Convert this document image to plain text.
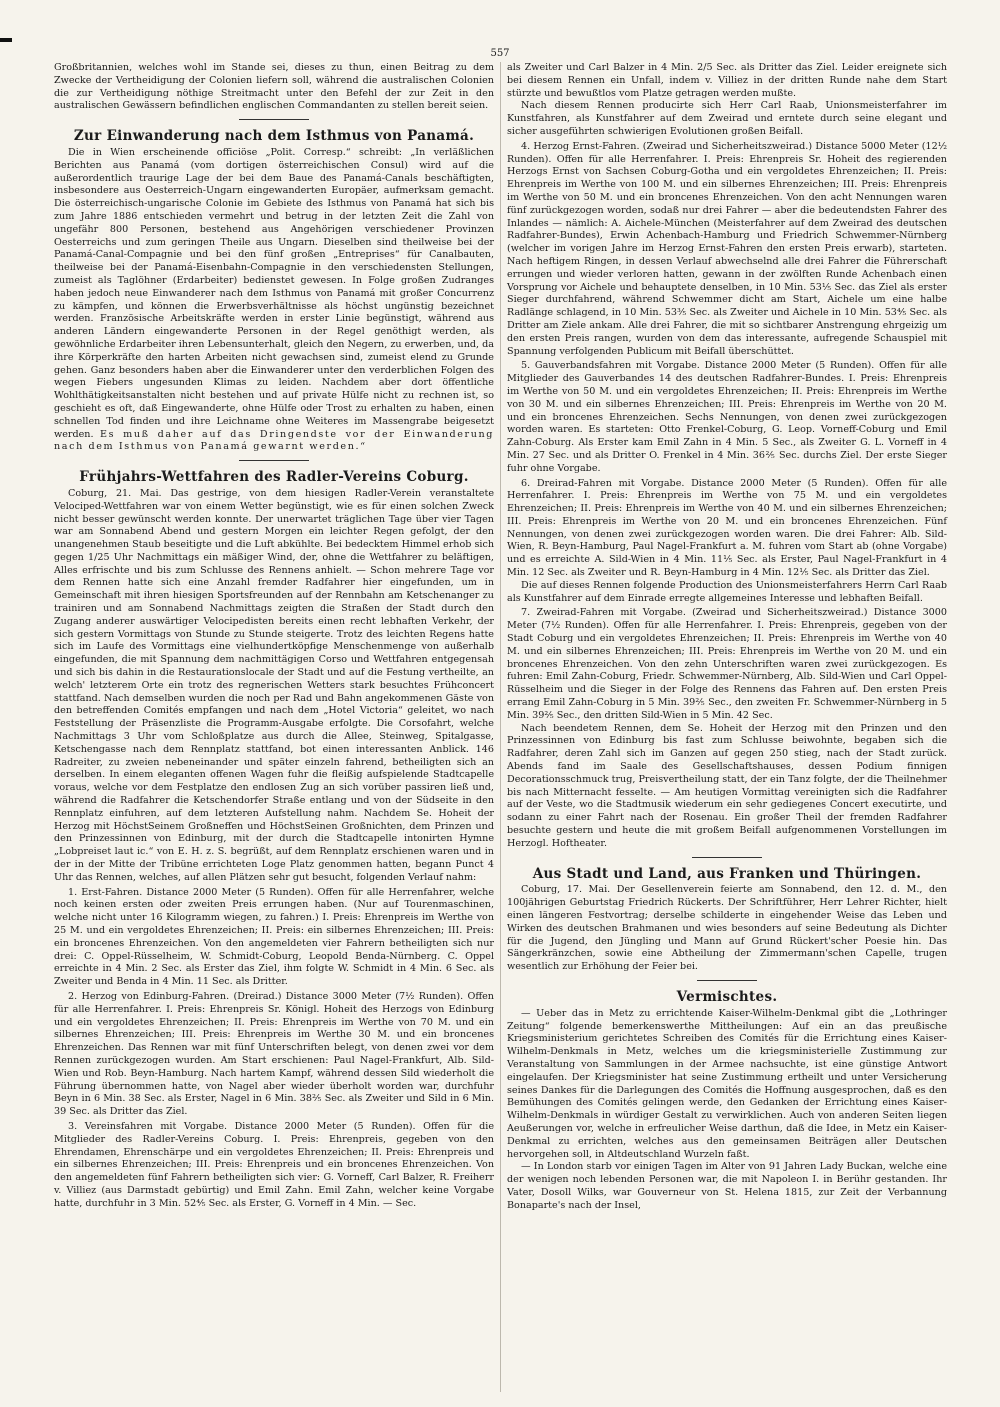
557

Großbritannien, welches wohl im Stande sei, dieses zu thun, einen Beitrag zu dem Zwecke der Vertheidigung der Colonien liefern soll, während die australischen Colonien die zur Vertheidigung nöthige Streitmacht unter den Befehl der zur Zeit in den australischen Gewässern befindlichen englischen Commandanten zu stellen bereit seien.

Zur Einwanderung nach dem Isthmus von Panamá.

Die in Wien erscheinende officiöse „Polit. Corresp.“ schreibt: „In verläßlichen Berichten aus Panamá (vom dortigen österreichischen Consul) wird auf die außerordentlich traurige Lage der bei dem Baue des Panamá-Canals beschäftigten, insbesondere aus Oesterreich-Ungarn eingewanderten Europäer, aufmerksam gemacht. Die österreichisch-ungarische Colonie im Gebiete des Isthmus von Panamá hat sich bis zum Jahre 1886 entschieden vermehrt und betrug in der letzten Zeit die Zahl von ungefähr 800 Personen, bestehend aus Angehörigen verschiedener Provinzen Oesterreichs und zum geringen Theile aus Ungarn. Dieselben sind theilweise bei der Panamá-Canal-Compagnie und bei den fünf großen „Entreprises“ für Canalbauten, theilweise bei der Panamá-Eisenbahn-Compagnie in den verschiedensten Stellungen, zumeist als Taglöhner (Erdarbeiter) bedienstet gewesen. In Folge großen Zudranges haben jedoch neue Einwanderer nach dem Isthmus von Panamá mit großer Concurrenz zu kämpfen, und können die Erwerbsverhältnisse als höchst ungünstig bezeichnet werden. Französische Arbeitskräfte werden in erster Linie begünstigt, während aus anderen Ländern eingewanderte Personen in der Regel genöthigt werden, als gewöhnliche Erdarbeiter ihren Lebensunterhalt, gleich den Negern, zu erwerben, und, da ihre Körperkräfte den harten Arbeiten nicht gewachsen sind, zumeist elend zu Grunde gehen. Ganz besonders haben aber die Einwanderer unter den verderblichen Folgen des wegen Fiebers ungesunden Klimas zu leiden. Nachdem aber dort öffentliche Wohlthätigkeitsanstalten nicht bestehen und auf private Hülfe nicht zu rechnen ist, so geschieht es oft, daß Eingewanderte, ohne Hülfe oder Trost zu erhalten zu haben, einen schnellen Tod finden und ihre Leichname ohne Weiteres im Massengrabe beigesetzt werden. Es muß daher auf das Dringendste vor der Einwanderung nach dem Isthmus von Panamá gewarnt werden.“

Frühjahrs-Wettfahren des Radler-Vereins Coburg.

Coburg, 21. Mai. Das gestrige, von dem hiesigen Radler-Verein veranstaltete Velociped-Wettfahren war von einem Wetter begünstigt, wie es für einen solchen Zweck nicht besser gewünscht werden konnte. Der unerwartet träglichen Tage über vier Tagen war am Sonnabend Abend und gestern Morgen ein leichter Regen gefolgt, der den unangenehmen Staub beseitigte und die Luft abkühlte. Bei bedecktem Himmel erhob sich gegen 1/25 Uhr Nachmittags ein mäßiger Wind, der, ohne die Wettfahrer zu beläftigen, Alles erfrischte und bis zum Schlusse des Rennens anhielt. — Schon mehrere Tage vor dem Rennen hatte sich eine Anzahl fremder Radfahrer hier eingefunden, um in Gemeinschaft mit ihren hiesigen Sportsfreunden auf der Rennbahn am Ketschenanger zu trainiren und am Sonnabend Nachmittags zeigten die Straßen der Stadt durch den Zugang anderer auswärtiger Velocipedisten bereits einen recht lebhaften Verkehr, der sich gestern Vormittags von Stunde zu Stunde steigerte. Trotz des leichten Regens hatte sich im Laufe des Vormittags eine vielhundertköpfige Menschenmenge von außerhalb eingefunden, die mit Spannung dem nachmittägigen Corso und Wettfahren entgegensah und sich bis dahin in die Restaurationslocale der Stadt und auf die Festung vertheilte, an welch' letzterem Orte ein trotz des regnerischen Wetters stark besuchtes Frühconcert stattfand. Nach demselben wurden die noch per Rad und Bahn angekommenen Gäste von den betreffenden Comités empfangen und nach dem „Hotel Victoria“ geleitet, wo nach Feststellung der Präsenzliste die Programm-Ausgabe erfolgte. Die Corsofahrt, welche Nachmittags 3 Uhr vom Schloßplatze aus durch die Allee, Steinweg, Spitalgasse, Ketschengasse nach dem Rennplatz stattfand, bot einen interessanten Anblick. 146 Radreiter, zu zweien nebeneinander und später einzeln fahrend, betheiligten sich an derselben. In einem eleganten offenen Wagen fuhr die fleißig aufspielende Stadtcapelle voraus, welche vor dem Festplatze den endlosen Zug an sich vorüber passiren ließ und, während die Radfahrer die Ketschendorfer Straße entlang und von der Südseite in den Rennplatz einfuhren, auf dem letzteren Aufstellung nahm. Nachdem Se. Hoheit der Herzog mit HöchstSeinem Großneffen und HöchstSeinen Großnichten, dem Prinzen und den Prinzessinnen von Edinburg, mit der durch die Stadtcapelle intonirten Hymne „Lobpreiset laut ic.“ von E. H. z. S. begrüßt, auf dem Rennplatz erschienen waren und in der in der Mitte der Tribüne errichteten Loge Platz genommen hatten, begann Punct 4 Uhr das Rennen, welches, auf allen Plätzen sehr gut besucht, folgenden Verlauf nahm:

1. Erst-Fahren. Distance 2000 Meter (5 Runden). Offen für alle Herrenfahrer, welche noch keinen ersten oder zweiten Preis errungen haben. (Nur auf Tourenmaschinen, welche nicht unter 16 Kilogramm wiegen, zu fahren.) I. Preis: Ehrenpreis im Werthe von 25 M. und ein vergoldetes Ehrenzeichen; II. Preis: ein silbernes Ehrenzeichen; III. Preis: ein broncenes Ehrenzeichen. Von den angemeldeten vier Fahrern betheiligten sich nur drei: C. Oppel-Rüsselheim, W. Schmidt-Coburg, Leopold Benda-Nürnberg. C. Oppel erreichte in 4 Min. 2 Sec. als Erster das Ziel, ihm folgte W. Schmidt in 4 Min. 6 Sec. als Zweiter und Benda in 4 Min. 11 Sec. als Dritter.

2. Herzog von Edinburg-Fahren. (Dreirad.) Distance 3000 Meter (7½ Runden). Offen für alle Herrenfahrer. I. Preis: Ehrenpreis Sr. Königl. Hoheit des Herzogs von Edinburg und ein vergoldetes Ehrenzeichen; II. Preis: Ehrenpreis im Werthe von 70 M. und ein silbernes Ehrenzeichen; III. Preis: Ehrenpreis im Werthe 30 M. und ein broncenes Ehrenzeichen. Das Rennen war mit fünf Unterschriften belegt, von denen zwei vor dem Rennen zurückgezogen wurden. Am Start erschienen: Paul Nagel-Frankfurt, Alb. Sild-Wien und Rob. Beyn-Hamburg. Nach hartem Kampf, während dessen Sild wiederholt die Führung übernommen hatte, von Nagel aber wieder überholt worden war, durchfuhr Beyn in 6 Min. 38 Sec. als Erster, Nagel in 6 Min. 38⅖ Sec. als Zweiter und Sild in 6 Min. 39 Sec. als Dritter das Ziel.

3. Vereinsfahren mit Vorgabe. Distance 2000 Meter (5 Runden). Offen für die Mitglieder des Radler-Vereins Coburg. I. Preis: Ehrenpreis, gegeben von den Ehrendamen, Ehrenschärpe und ein vergoldetes Ehrenzeichen; II. Preis: Ehrenpreis und ein silbernes Ehrenzeichen; III. Preis: Ehrenpreis und ein broncenes Ehrenzeichen. Von den angemeldeten fünf Fahrern betheiligten sich vier: G. Vorneff, Carl Balzer, R. Freiherr v. Villiez (aus Darmstadt gebürtig) und Emil Zahn. Emil Zahn, welcher keine Vorgabe hatte, durchfuhr in 3 Min. 52⅘ Sec. als Erster, G. Vorneff in 4 Min. — Sec.

als Zweiter und Carl Balzer in 4 Min. 2/5 Sec. als Dritter das Ziel. Leider ereignete sich bei diesem Rennen ein Unfall, indem v. Villiez in der dritten Runde nahe dem Start stürzte und bewußtlos vom Platze getragen werden mußte.

Nach diesem Rennen producirte sich Herr Carl Raab, Unionsmeisterfahrer im Kunstfahren, als Kunstfahrer auf dem Zweirad und erntete durch seine elegant und sicher ausgeführten schwierigen Evolutionen großen Beifall.

4. Herzog Ernst-Fahren. (Zweirad und Sicherheitszweirad.) Distance 5000 Meter (12½ Runden). Offen für alle Herrenfahrer. I. Preis: Ehrenpreis Sr. Hoheit des regierenden Herzogs Ernst von Sachsen Coburg-Gotha und ein vergoldetes Ehrenzeichen; II. Preis: Ehrenpreis im Werthe von 100 M. und ein silbernes Ehrenzeichen; III. Preis: Ehrenpreis im Werthe von 50 M. und ein broncenes Ehrenzeichen. Von den acht Nennungen waren fünf zurückgezogen worden, sodaß nur drei Fahrer — aber die bedeutendsten Fahrer des Inlandes — nämlich: A. Aichele-München (Meisterfahrer auf dem Zweirad des deutschen Radfahrer-Bundes), Erwin Achenbach-Hamburg und Friedrich Schwemmer-Nürnberg (welcher im vorigen Jahre im Herzog Ernst-Fahren den ersten Preis erwarb), starteten. Nach heftigem Ringen, in dessen Verlauf abwechselnd alle drei Fahrer die Führerschaft errungen und wieder verloren hatten, gewann in der zwölften Runde Achenbach einen Vorsprung vor Aichele und behauptete denselben, in 10 Min. 53⅕ Sec. das Ziel als erster Sieger durchfahrend, während Schwemmer dicht am Start, Aichele um eine halbe Radlänge schlagend, in 10 Min. 53⅗ Sec. als Zweiter und Aichele in 10 Min. 53⅘ Sec. als Dritter am Ziele ankam. Alle drei Fahrer, die mit so sichtbarer Anstrengung ehrgeizig um den ersten Preis rangen, wurden von dem das interessante, aufregende Schauspiel mit Spannung verfolgenden Publicum mit Beifall überschüttet.

5. Gauverbandsfahren mit Vorgabe. Distance 2000 Meter (5 Runden). Offen für alle Mitglieder des Gauverbandes 14 des deutschen Radfahrer-Bundes. I. Preis: Ehrenpreis im Werthe von 50 M. und ein vergoldetes Ehrenzeichen; II. Preis: Ehrenpreis im Werthe von 30 M. und ein silbernes Ehrenzeichen; III. Preis: Ehrenpreis im Werthe von 20 M. und ein broncenes Ehrenzeichen. Sechs Nennungen, von denen zwei zurückgezogen worden waren. Es starteten: Otto Frenkel-Coburg, G. Leop. Vorneff-Coburg und Emil Zahn-Coburg. Als Erster kam Emil Zahn in 4 Min. 5 Sec., als Zweiter G. L. Vorneff in 4 Min. 27 Sec. und als Dritter O. Frenkel in 4 Min. 36⅖ Sec. durchs Ziel. Der erste Sieger fuhr ohne Vorgabe.

6. Dreirad-Fahren mit Vorgabe. Distance 2000 Meter (5 Runden). Offen für alle Herrenfahrer. I. Preis: Ehrenpreis im Werthe von 75 M. und ein vergoldetes Ehrenzeichen; II. Preis: Ehrenpreis im Werthe von 40 M. und ein silbernes Ehrenzeichen; III. Preis: Ehrenpreis im Werthe von 20 M. und ein broncenes Ehrenzeichen. Fünf Nennungen, von denen zwei zurückgezogen worden waren. Die drei Fahrer: Alb. Sild-Wien, R. Beyn-Hamburg, Paul Nagel-Frankfurt a. M. fuhren vom Start ab (ohne Vorgabe) und es erreichte A. Sild-Wien in 4 Min. 11⅕ Sec. als Erster, Paul Nagel-Frankfurt in 4 Min. 12 Sec. als Zweiter und R. Beyn-Hamburg in 4 Min. 12⅕ Sec. als Dritter das Ziel.

Die auf dieses Rennen folgende Production des Unionsmeisterfahrers Herrn Carl Raab als Kunstfahrer auf dem Einrade erregte allgemeines Interesse und lebhaften Beifall.

7. Zweirad-Fahren mit Vorgabe. (Zweirad und Sicherheitszweirad.) Distance 3000 Meter (7½ Runden). Offen für alle Herrenfahrer. I. Preis: Ehrenpreis, gegeben von der Stadt Coburg und ein vergoldetes Ehrenzeichen; II. Preis: Ehrenpreis im Werthe von 40 M. und ein silbernes Ehrenzeichen; III. Preis: Ehrenpreis im Werthe von 20 M. und ein broncenes Ehrenzeichen. Von den zehn Unterschriften waren zwei zurückgezogen. Es fuhren: Emil Zahn-Coburg, Friedr. Schwemmer-Nürnberg, Alb. Sild-Wien und Carl Oppel-Rüsselheim und die Sieger in der Folge des Rennens das Fahren auf. Den ersten Preis errang Emil Zahn-Coburg in 5 Min. 39⅖ Sec., den zweiten Fr. Schwemmer-Nürnberg in 5 Min. 39⅖ Sec., den dritten Sild-Wien in 5 Min. 42 Sec.

Nach beendetem Rennen, dem Se. Hoheit der Herzog mit den Prinzen und den Prinzessinnen von Edinburg bis fast zum Schlusse beiwohnte, begaben sich die Radfahrer, deren Zahl sich im Ganzen auf gegen 250 stieg, nach der Stadt zurück. Abends fand im Saale des Gesellschaftshauses, dessen Podium finnigen Decorationsschmuck trug, Preisvertheilung statt, der ein Tanz folgte, der die Theilnehmer bis nach Mitternacht fesselte. — Am heutigen Vormittag vereinigten sich die Radfahrer auf der Veste, wo die Stadtmusik wiederum ein sehr gediegenes Concert executirte, und sodann zu einer Fahrt nach der Rosenau. Ein großer Theil der fremden Radfahrer besuchte gestern und heute die mit großem Beifall aufgenommenen Vorstellungen im Herzogl. Hoftheater.

Aus Stadt und Land, aus Franken und Thüringen.

Coburg, 17. Mai. Der Gesellenverein feierte am Sonnabend, den 12. d. M., den 100jährigen Geburtstag Friedrich Rückerts. Der Schriftführer, Herr Lehrer Richter, hielt einen längeren Festvortrag; derselbe schilderte in eingehender Weise das Leben und Wirken des deutschen Brahmanen und wies besonders auf seine Bedeutung als Dichter für die Jugend, den Jüngling und Mann auf Grund Rückert'scher Poesie hin. Das Sängerkränzchen, sowie eine Abtheilung der Zimmermann'schen Capelle, trugen wesentlich zur Erhöhung der Feier bei.

Vermischtes.

— Ueber das in Metz zu errichtende Kaiser-Wilhelm-Denkmal gibt die „Lothringer Zeitung“ folgende bemerkenswerthe Mittheilungen: Auf ein an das preußische Kriegsministerium gerichtetes Schreiben des Comités für die Errichtung eines Kaiser-Wilhelm-Denkmals in Metz, welches um die kriegsministerielle Zustimmung zur Veranstaltung von Sammlungen in der Armee nachsuchte, ist eine günstige Antwort eingelaufen. Der Kriegsminister hat seine Zustimmung ertheilt und unter Versicherung seines Dankes für die Darlegungen des Comités die Hoffnung ausgesprochen, daß es den Bemühungen des Comités gelingen werde, den Gedanken der Errichtung eines Kaiser-Wilhelm-Denkmals in würdiger Gestalt zu verwirklichen. Auch von anderen Seiten liegen Aeußerungen vor, welche in erfreulicher Weise darthun, daß die Idee, in Metz ein Kaiser-Denkmal zu errichten, welches aus den gemeinsamen Beiträgen aller Deutschen hervorgehen soll, in Altdeutschland Wurzeln faßt.

— In London starb vor einigen Tagen im Alter von 91 Jahren Lady Buckan, welche eine der wenigen noch lebenden Personen war, die mit Napoleon I. in Berühr gestanden. Ihr Vater, Dosoll Wilks, war Gouverneur von St. Helena 1815, zur Zeit der Verbannung Bonaparte's nach der Insel,
